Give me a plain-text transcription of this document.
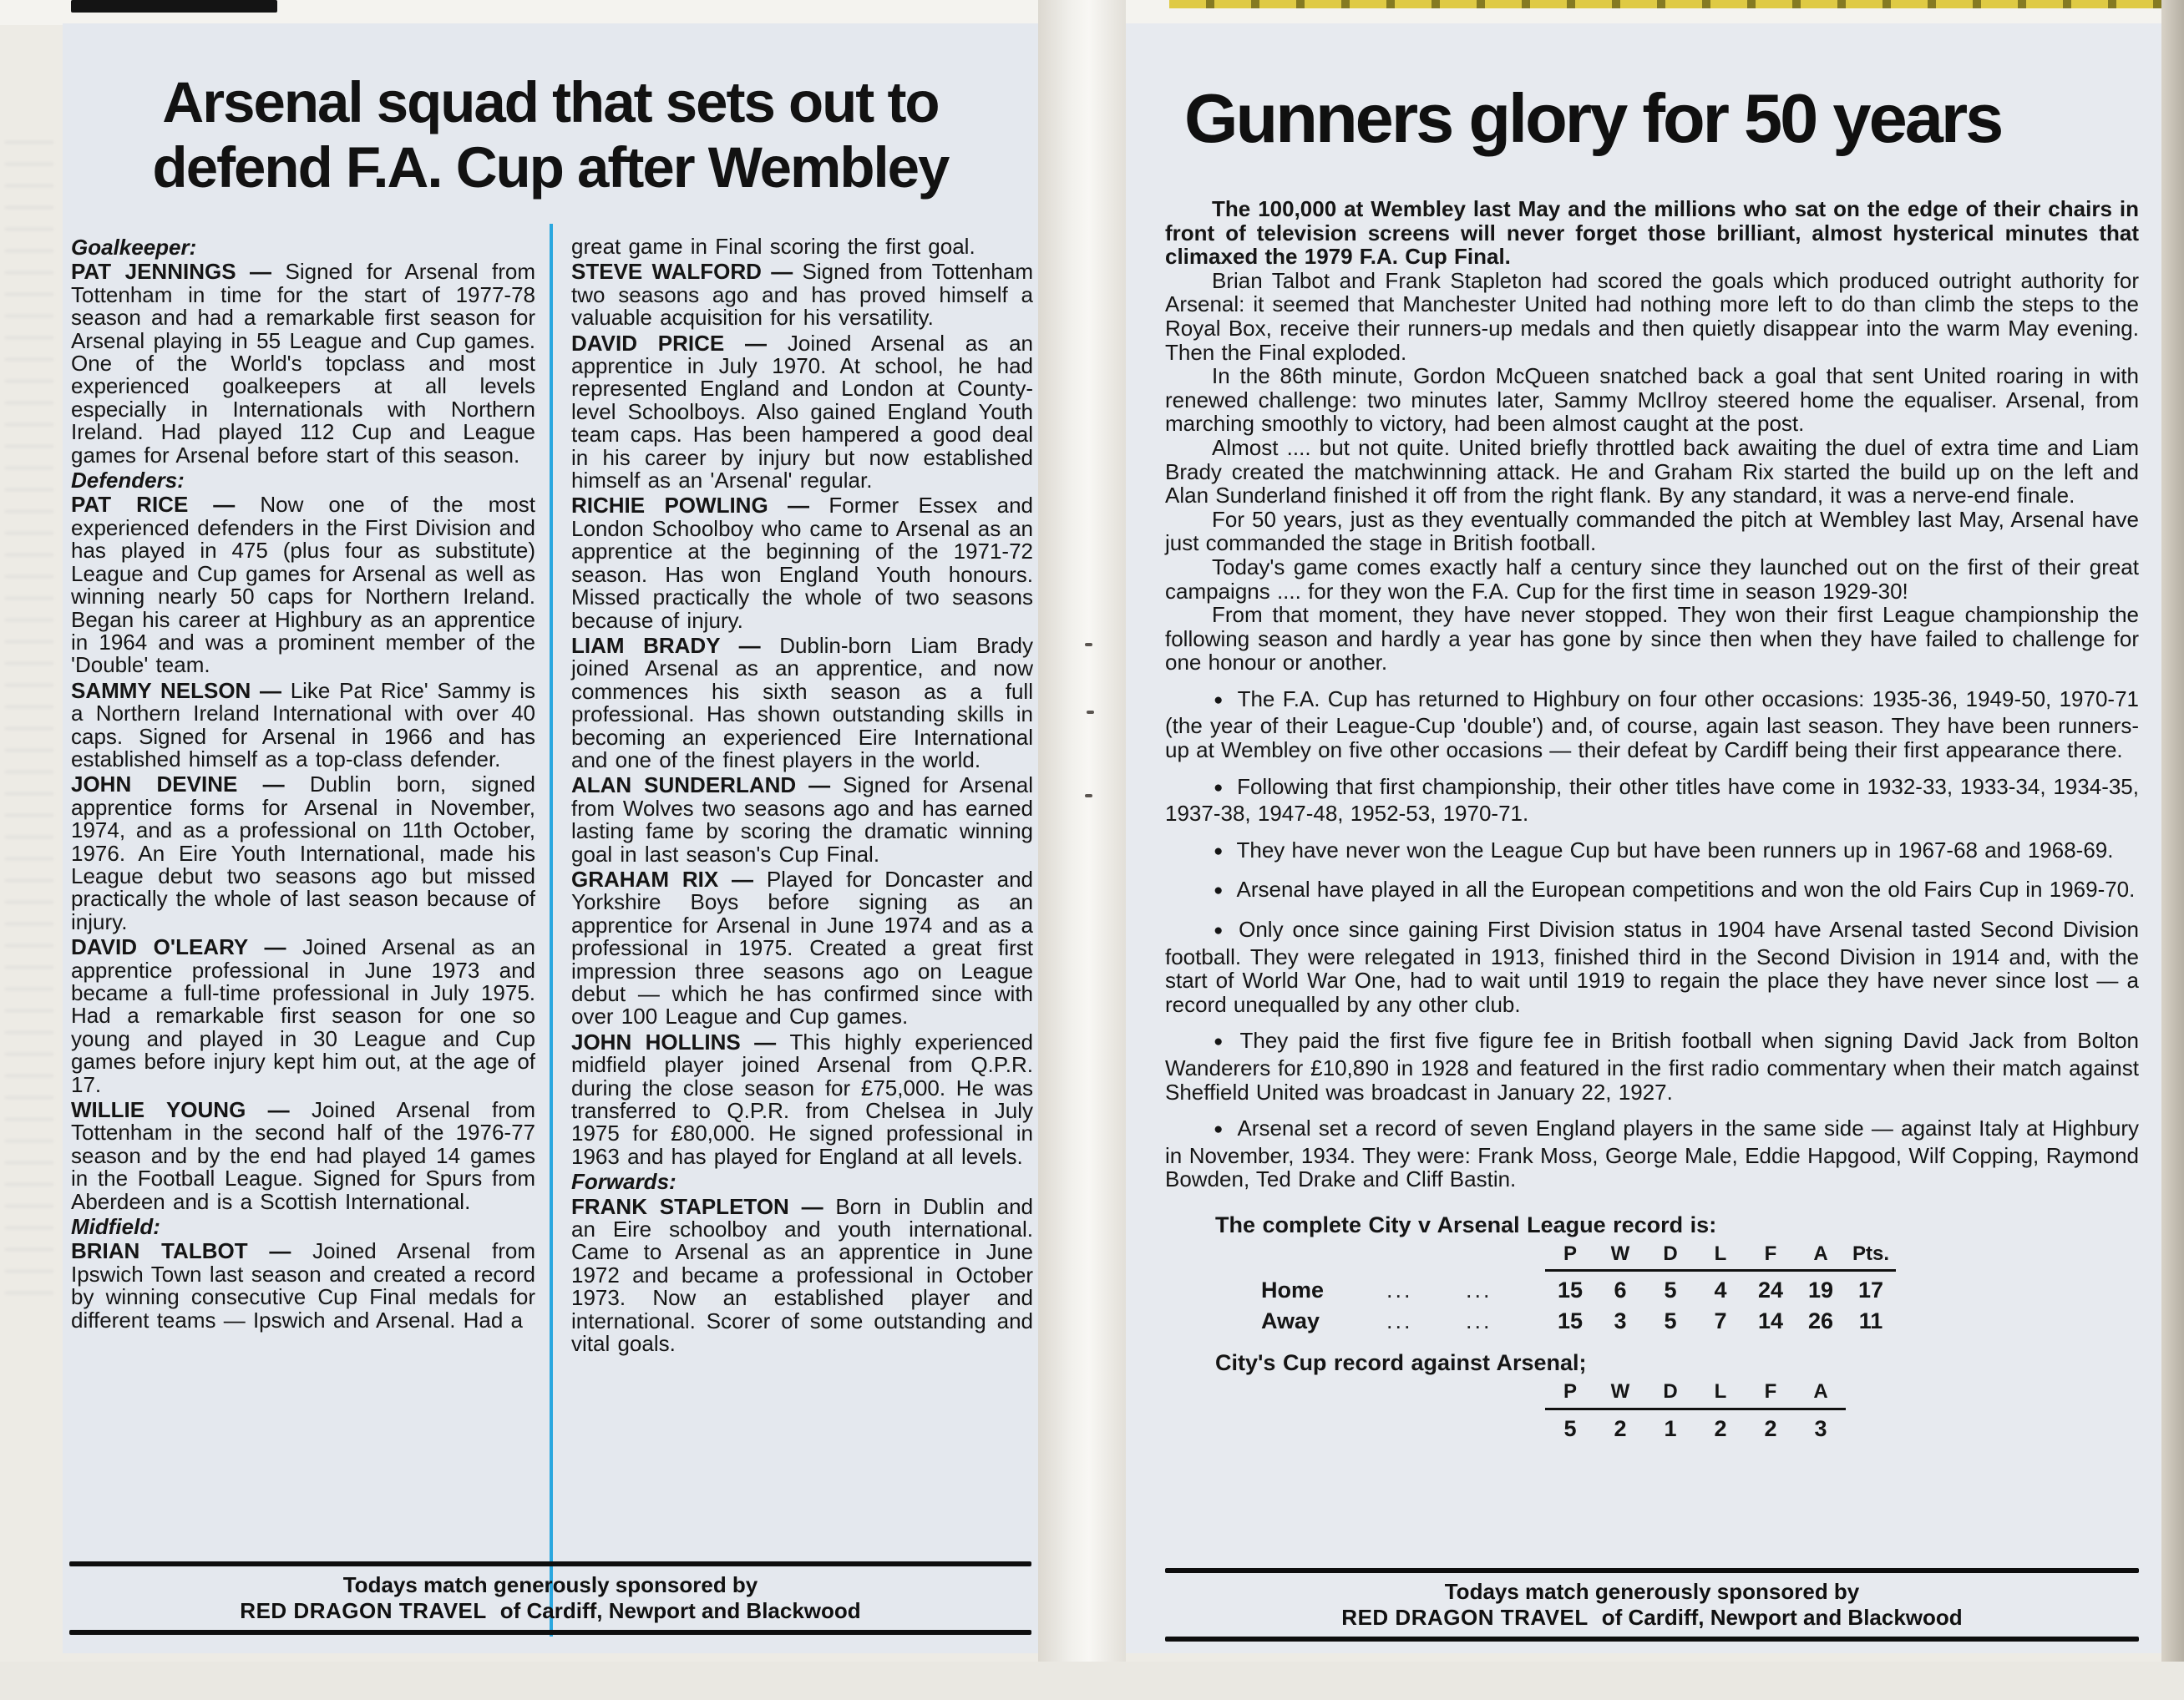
Arsenal squad that sets out to
defend F.A. Cup after Wembley

Goalkeeper:

PAT JENNINGS — Signed for Arsenal from Tottenham in time for the start of 1977-78 season and had a remarkable first season for Arsenal playing in 55 League and Cup games. One of the World's topclass and most experienced goalkeepers at all levels especially in Internationals with Northern Ireland. Had played 112 Cup and League games for Arsenal before start of this season.

Defenders:

PAT RICE — Now one of the most experienced defenders in the First Division and has played in 475 (plus four as substitute) League and Cup games for Arsenal as well as winning nearly 50 caps for Northern Ireland. Began his career at Highbury as an apprentice in 1964 and was a prominent member of the 'Double' team.

SAMMY NELSON — Like Pat Rice' Sammy is a Northern Ireland International with over 40 caps. Signed for Arsenal in 1966 and has established himself as a top-class defender.

JOHN DEVINE — Dublin born, signed apprentice forms for Arsenal in November, 1974, and as a professional on 11th October, 1976. An Eire Youth International, made his League debut two seasons ago but missed practically the whole of last season because of injury.

DAVID O'LEARY — Joined Arsenal as an apprentice professional in June 1973 and became a full-time professional in July 1975. Had a remarkable first season for one so young and played in 30 League and Cup games before injury kept him out, at the age of 17.

WILLIE YOUNG — Joined Arsenal from Tottenham in the second half of the 1976-77 season and by the end had played 14 games in the Football League. Signed for Spurs from Aberdeen and is a Scottish International.

Midfield:

BRIAN TALBOT — Joined Arsenal from Ipswich Town last season and created a record by winning consecutive Cup Final medals for different teams — Ipswich and Arsenal. Had a

great game in Final scoring the first goal.

STEVE WALFORD — Signed from Tottenham two seasons ago and has proved himself a valuable acquisition for his versatility.

DAVID PRICE — Joined Arsenal as an apprentice in July 1970. At school, he had represented England and London at County-level Schoolboys. Also gained England Youth team caps. Has been hampered a good deal in his career by injury but now established himself as an 'Arsenal' regular.

RICHIE POWLING — Former Essex and London Schoolboy who came to Arsenal as an apprentice at the beginning of the 1971-72 season. Has won England Youth honours. Missed practically the whole of two seasons because of injury.

LIAM BRADY — Dublin-born Liam Brady joined Arsenal as an apprentice, and now commences his sixth season as a full professional. Has shown outstanding skills in becoming an experienced Eire International and one of the finest players in the world.

ALAN SUNDERLAND — Signed for Arsenal from Wolves two seasons ago and has earned lasting fame by scoring the dramatic winning goal in last season's Cup Final.

GRAHAM RIX — Played for Doncaster and Yorkshire Boys before signing as an apprentice for Arsenal in June 1974 and as a professional in 1975. Created a great first impression three seasons ago on League debut — which he has confirmed since with over 100 League and Cup games.

JOHN HOLLINS — This highly experienced midfield player joined Arsenal from Q.P.R. during the close season for £75,000. He was transferred to Q.P.R. from Chelsea in July 1975 for £80,000. He signed professional in 1963 and has played for England at all levels.

Forwards:

FRANK STAPLETON — Born in Dublin and an Eire schoolboy and youth international. Came to Arsenal as an apprentice in June 1972 and became a professional in October 1973. Now an established player and international. Scorer of some outstanding and vital goals.

Todays match generously sponsored by
RED DRAGON TRAVEL of Cardiff, Newport and Blackwood
Gunners glory for 50 years

The 100,000 at Wembley last May and the millions who sat on the edge of their chairs in front of television screens will never forget those brilliant, almost hysterical minutes that climaxed the 1979 F.A. Cup Final.

Brian Talbot and Frank Stapleton had scored the goals which produced outright authority for Arsenal: it seemed that Manchester United had nothing more left to do than climb the steps to the Royal Box, receive their runners-up medals and then quietly disappear into the warm May evening. Then the Final exploded.

In the 86th minute, Gordon McQueen snatched back a goal that sent United roaring in with renewed challenge: two minutes later, Sammy McIlroy steered home the equaliser. Arsenal, from marching smoothly to victory, had been almost caught at the post.

Almost .... but not quite. United briefly throttled back awaiting the duel of extra time and Liam Brady created the matchwinning attack. He and Graham Rix started the build up on the left and Alan Sunderland finished it off from the right flank. By any standard, it was a nerve-end finale.

For 50 years, just as they eventually commanded the pitch at Wembley last May, Arsenal have just commanded the stage in British football.

Today's game comes exactly half a century since they launched out on the first of their great campaigns .... for they won the F.A. Cup for the first time in season 1929-30!

From that moment, they have never stopped. They won their first League championship the following season and hardly a year has gone by since then when they have failed to challenge for one honour or another.

● The F.A. Cup has returned to Highbury on four other occasions: 1935-36, 1949-50, 1970-71 (the year of their League-Cup 'double') and, of course, again last season. They have been runners-up at Wembley on five other occasions — their defeat by Cardiff being their first appearance there.

● Following that first championship, their other titles have come in 1932-33, 1933-34, 1934-35, 1937-38, 1947-48, 1952-53, 1970-71.

● They have never won the League Cup but have been runners up in 1967-68 and 1968-69.

● Arsenal have played in all the European competitions and won the old Fairs Cup in 1969-70.

● Only once since gaining First Division status in 1904 have Arsenal tasted Second Division football. They were relegated in 1913, finished third in the Second Division in 1914 and, with the start of World War One, had to wait until 1919 to regain the place they have never since lost — a record unequalled by any other club.

● They paid the first five figure fee in British football when signing David Jack from Bolton Wanderers for £10,890 in 1928 and featured in the first radio commentary when their match against Sheffield United was broadcast in January 22, 1927.

● Arsenal set a record of seven England players in the same side — against Italy at Highbury in November, 1934. They were: Frank Moss, George Male, Eddie Hapgood, Wilf Copping, Raymond Bowden, Ted Drake and Cliff Bastin.

The complete City v Arsenal League record is:
P	W	D	L	F	A	Pts.
Home	...	...	15	6	5	4	24	19	17
Away	...	...	15	3	5	7	14	26	11
City's Cup record against Arsenal;
P	W	D	L	F	A
5	2	1	2	2	3
Todays match generously sponsored by
RED DRAGON TRAVEL of Cardiff, Newport and Blackwood
